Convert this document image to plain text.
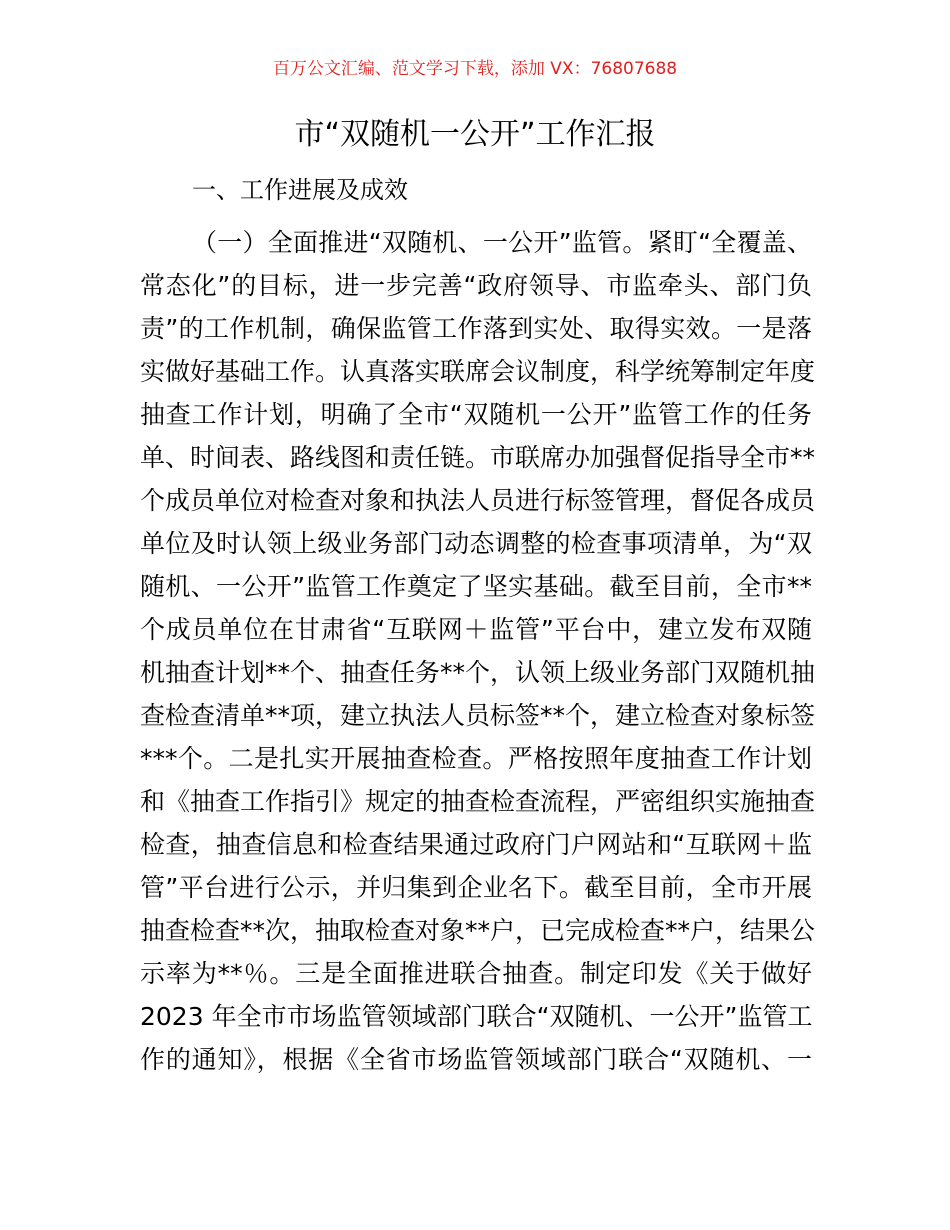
百万公文汇编、范文学习下载，添加 VX：76807688
市“双随机一公开”工作汇报
一、工作进展及成效
（一）全面推进“双随机、一公开”监管。紧盯“全覆盖、
常态化”的目标，进一步完善“政府领导、市监牵头、部门负
责”的工作机制，确保监管工作落到实处、取得实效。一是落
实做好基础工作。认真落实联席会议制度，科学统筹制定年度
抽查工作计划，明确了全市“双随机一公开”监管工作的任务
单、时间表、路线图和责任链。市联席办加强督促指导全市**
个成员单位对检查对象和执法人员进行标签管理，督促各成员
单位及时认领上级业务部门动态调整的检查事项清单，为“双
随机、一公开”监管工作奠定了坚实基础。截至目前，全市**
个成员单位在甘肃省“互联网＋监管”平台中，建立发布双随
机抽查计划**个、抽查任务**个，认领上级业务部门双随机抽
查检查清单**项，建立执法人员标签**个，建立检查对象标签
***个。二是扎实开展抽查检查。严格按照年度抽查工作计划
和《抽查工作指引》规定的抽查检查流程，严密组织实施抽查
检查，抽查信息和检查结果通过政府门户网站和“互联网＋监
管”平台进行公示，并归集到企业名下。截至目前，全市开展
抽查检查**次，抽取检查对象**户，已完成检查**户，结果公
示率为**％。三是全面推进联合抽查。制定印发《关于做好
2023 年全市市场监管领域部门联合“双随机、一公开”监管工
作的通知》，根据《全省市场监管领域部门联合“双随机、一
